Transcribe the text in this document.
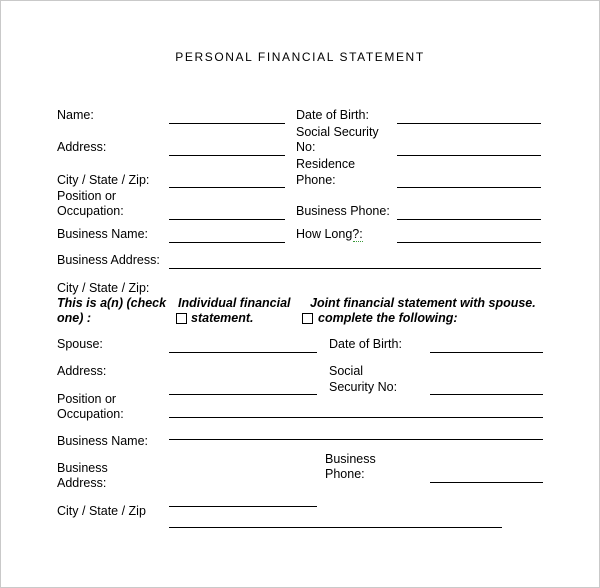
PERSONAL FINANCIAL STATEMENT
Name:
Address:
City / State / Zip:
Position or
Occupation:
Business Name:
Business Address:
Date of Birth:
Social Security
No:
Residence
Phone:
Business Phone:
How Long?:
City / State / Zip:
This is a(n) (check
one) :
Individual financial
statement.
Joint financial statement with spouse.
complete the following:
Spouse:
Address:
Position or
Occupation:
Business Name:
Business
Address:
City / State / Zip
Date of Birth:
Social
Security No:
Business
Phone:
